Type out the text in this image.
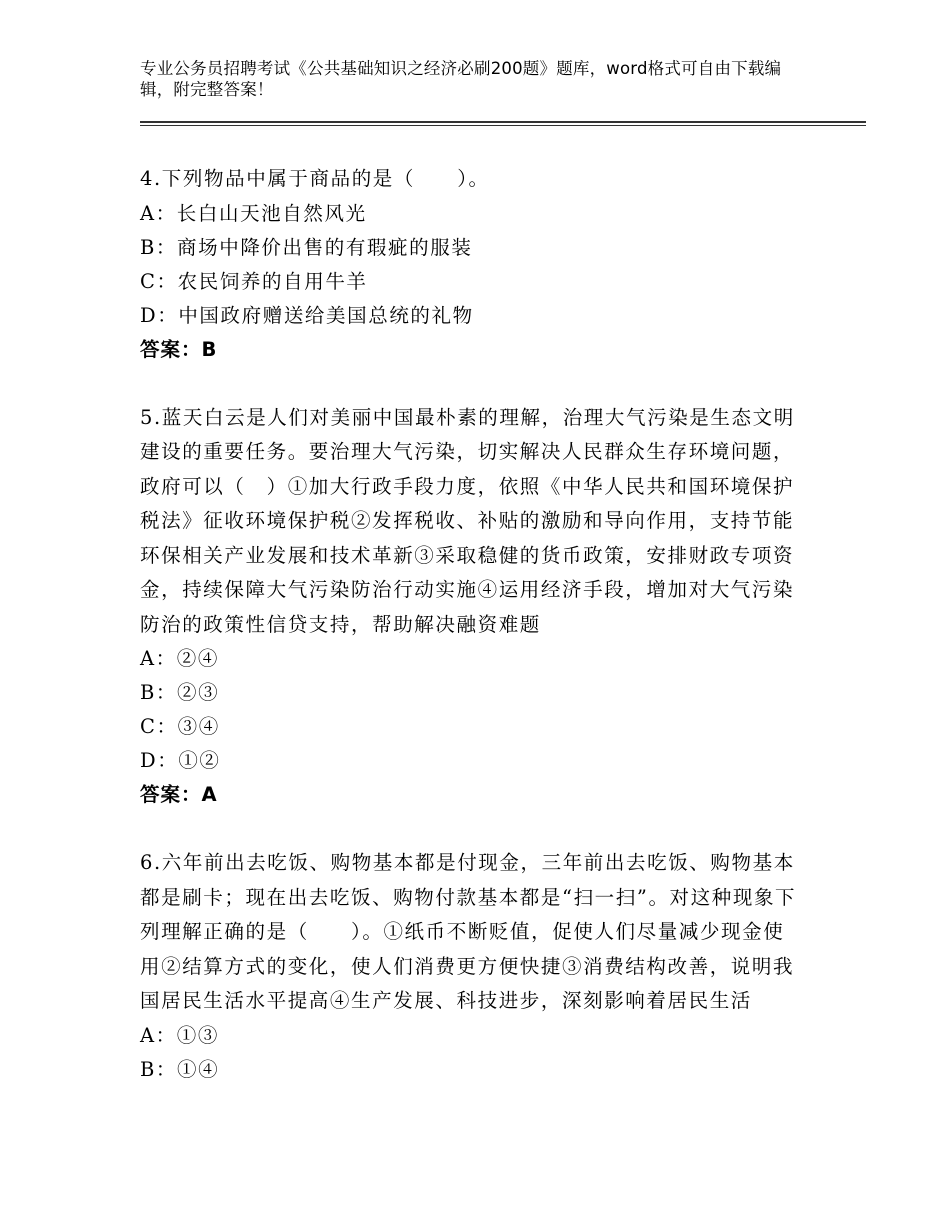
专业公务员招聘考试《公共基础知识之经济必刷200题》题库，word格式可自由下载编辑，附完整答案！

4.下列物品中属于商品的是（　　）。

A：长白山天池自然风光

B：商场中降价出售的有瑕疵的服装

C：农民饲养的自用牛羊

D：中国政府赠送给美国总统的礼物

答案：B

5.蓝天白云是人们对美丽中国最朴素的理解，治理大气污染是生态文明建设的重要任务。要治理大气污染，切实解决人民群众生存环境问题，政府可以（　）①加大行政手段力度，依照《中华人民共和国环境保护税法》征收环境保护税②发挥税收、补贴的激励和导向作用，支持节能环保相关产业发展和技术革新③采取稳健的货币政策，安排财政专项资金，持续保障大气污染防治行动实施④运用经济手段，增加对大气污染防治的政策性信贷支持，帮助解决融资难题

A：②④

B：②③

C：③④

D：①②

答案：A

6.六年前出去吃饭、购物基本都是付现金，三年前出去吃饭、购物基本都是刷卡；现在出去吃饭、购物付款基本都是“扫一扫”。对这种现象下列理解正确的是（　　）。①纸币不断贬值，促使人们尽量减少现金使用②结算方式的变化，使人们消费更方便快捷③消费结构改善，说明我国居民生活水平提高④生产发展、科技进步，深刻影响着居民生活

A：①③

B：①④
